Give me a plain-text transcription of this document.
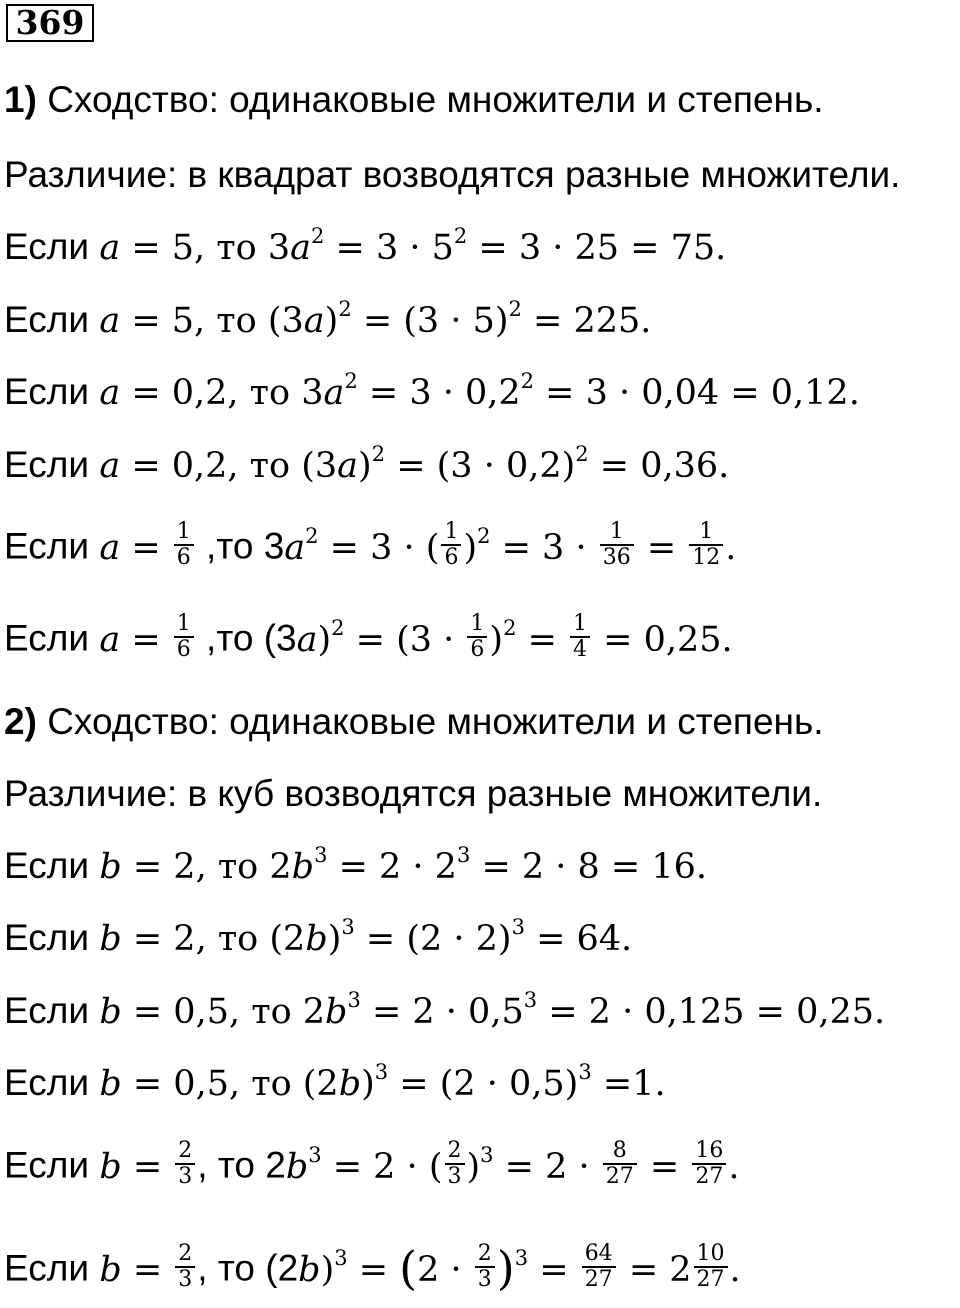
369
1) Сходство: одинаковые множители и степень.
Различие: в квадрат возводятся разные множители.
Если a = 5, то $3a^2 = 3 \cdot 5^2 = 3 \cdot 25 = 75$.
Если a = 5, то $(3a)^2 = (3 \cdot 5)^2 = 225$.
Если a = 0,2, то $3a^2 = 3 \cdot 0,2^2 = 3 \cdot 0,04 = 0,12$.
Если a = 0,2, то $(3a)^2 = (3 \cdot 0,2)^2 = 0,36$.
Если $a = \frac{1}{6} ,то$ $3a^2 = 3$ · ( $\frac{1}{6} )^2 = 3 \cdot \frac{1}{36} = \frac{1}{12}$ .
Если $a = \frac{1}{6} ,то$ $(3a)^2 = (3 \cdot \frac{1}{6} )^2 = \frac{1}{4} = 0,25$.
2) Сходство: одинаковые множители и степень.
Различие: в куб возводятся разные множители.
Если b = 2, то $2b^3 = 2 \cdot 2^3 = 2 \cdot 8 = 16$.
Если b = 2, то $(2b)^3 = (2 \cdot 2)^3 = 64$.
Если b = 0,5, то $2b^3 = 2 \cdot 0,5^3 = 2 \cdot 0,125 = 0,25$.
Если b = 0,5, то $(2b)^3 = (2 \cdot 0,5)^3 =1$.
Если $b = \frac{2}{3}$ , то $2b^3 = 2$ · ( $\frac{2}{3} )^3 = 2 \cdot \frac{8}{27} = \frac{16}{27}$ .
Если $b = \frac{2}{3}$ , то $(2b)^3 = (2 \cdot \frac{2}{3} )^3 = \frac{64}{27} = 2 \frac{10}{27}$ .
